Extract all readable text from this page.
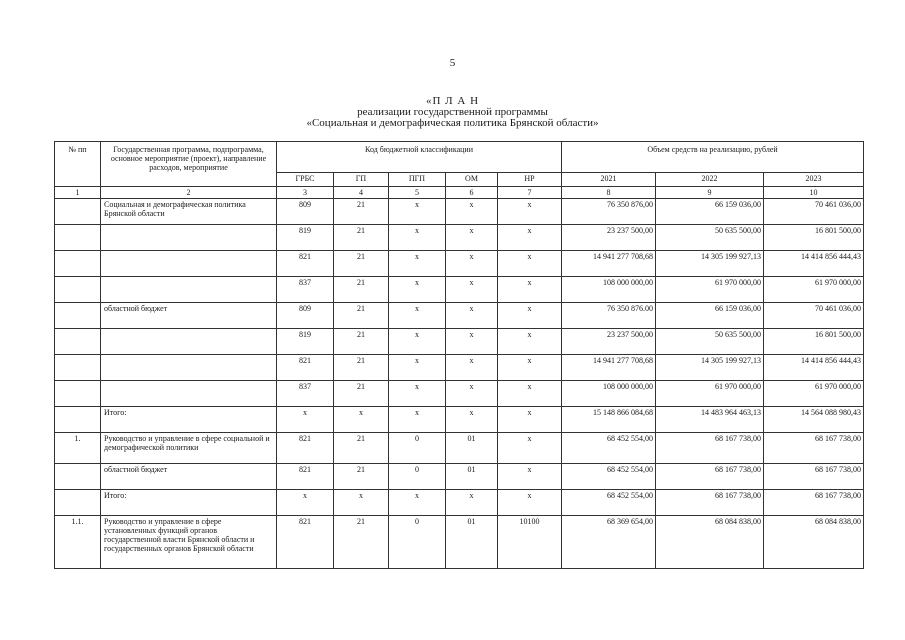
5
«П Л А Н
реализации государственной программы
«Социальная и демографическая политика Брянской области»
№ пп	Государственная программа, подпрограмма, основное мероприятие (проект), направление расходов, мероприятие	Код бюджетной классификации					Объем средств на реализацию, рублей		
		ГРБС	ГП	ПГП	ОМ	НР	2021	2022	2023
1	2	3	4	5	6	7	8	9	10
	Социальная и демографическая политика Брянской области	809	21	х	х	х	76 350 876,00	66 159 036,00	70 461 036,00
		819	21	х	х	х	23 237 500,00	50 635 500,00	16 801 500,00
		821	21	х	х	х	14 941 277 708,68	14 305 199 927,13	14 414 856 444,43
		837	21	х	х	х	108 000 000,00	61 970 000,00	61 970 000,00
	областной бюджет	809	21	х	х	х	76 350 876.00	66 159 036,00	70 461 036,00
		819	21	х	х	х	23 237 500,00	50 635 500,00	16 801 500,00
		821	21	х	х	х	14 941 277 708,68	14 305 199 927,13	14 414 856 444,43
		837	21	х	х	х	108 000 000,00	61 970 000,00	61 970 000,00
	Итого:	х	х	х	х	х	15 148 866 084,68	14 483 964 463,13	14 564 088 980,43
1.	Руководство и управление в сфере социальной и демографической политики	821	21	0	01	х	68 452 554,00	68 167 738,00	68 167 738,00
	областной бюджет	821	21	0	01	х	68 452 554,00	68 167 738,00	68 167 738,00
	Итого:	х	х	х	х	х	68 452 554,00	68 167 738,00	68 167 738,00
1.1.	Руководство и управление в сфере установленных функций органов государственной власти Брянской области и государственных органов Брянской области	821	21	0	01	10100	68 369 654,00	68 084 838,00	68 084 838,00
